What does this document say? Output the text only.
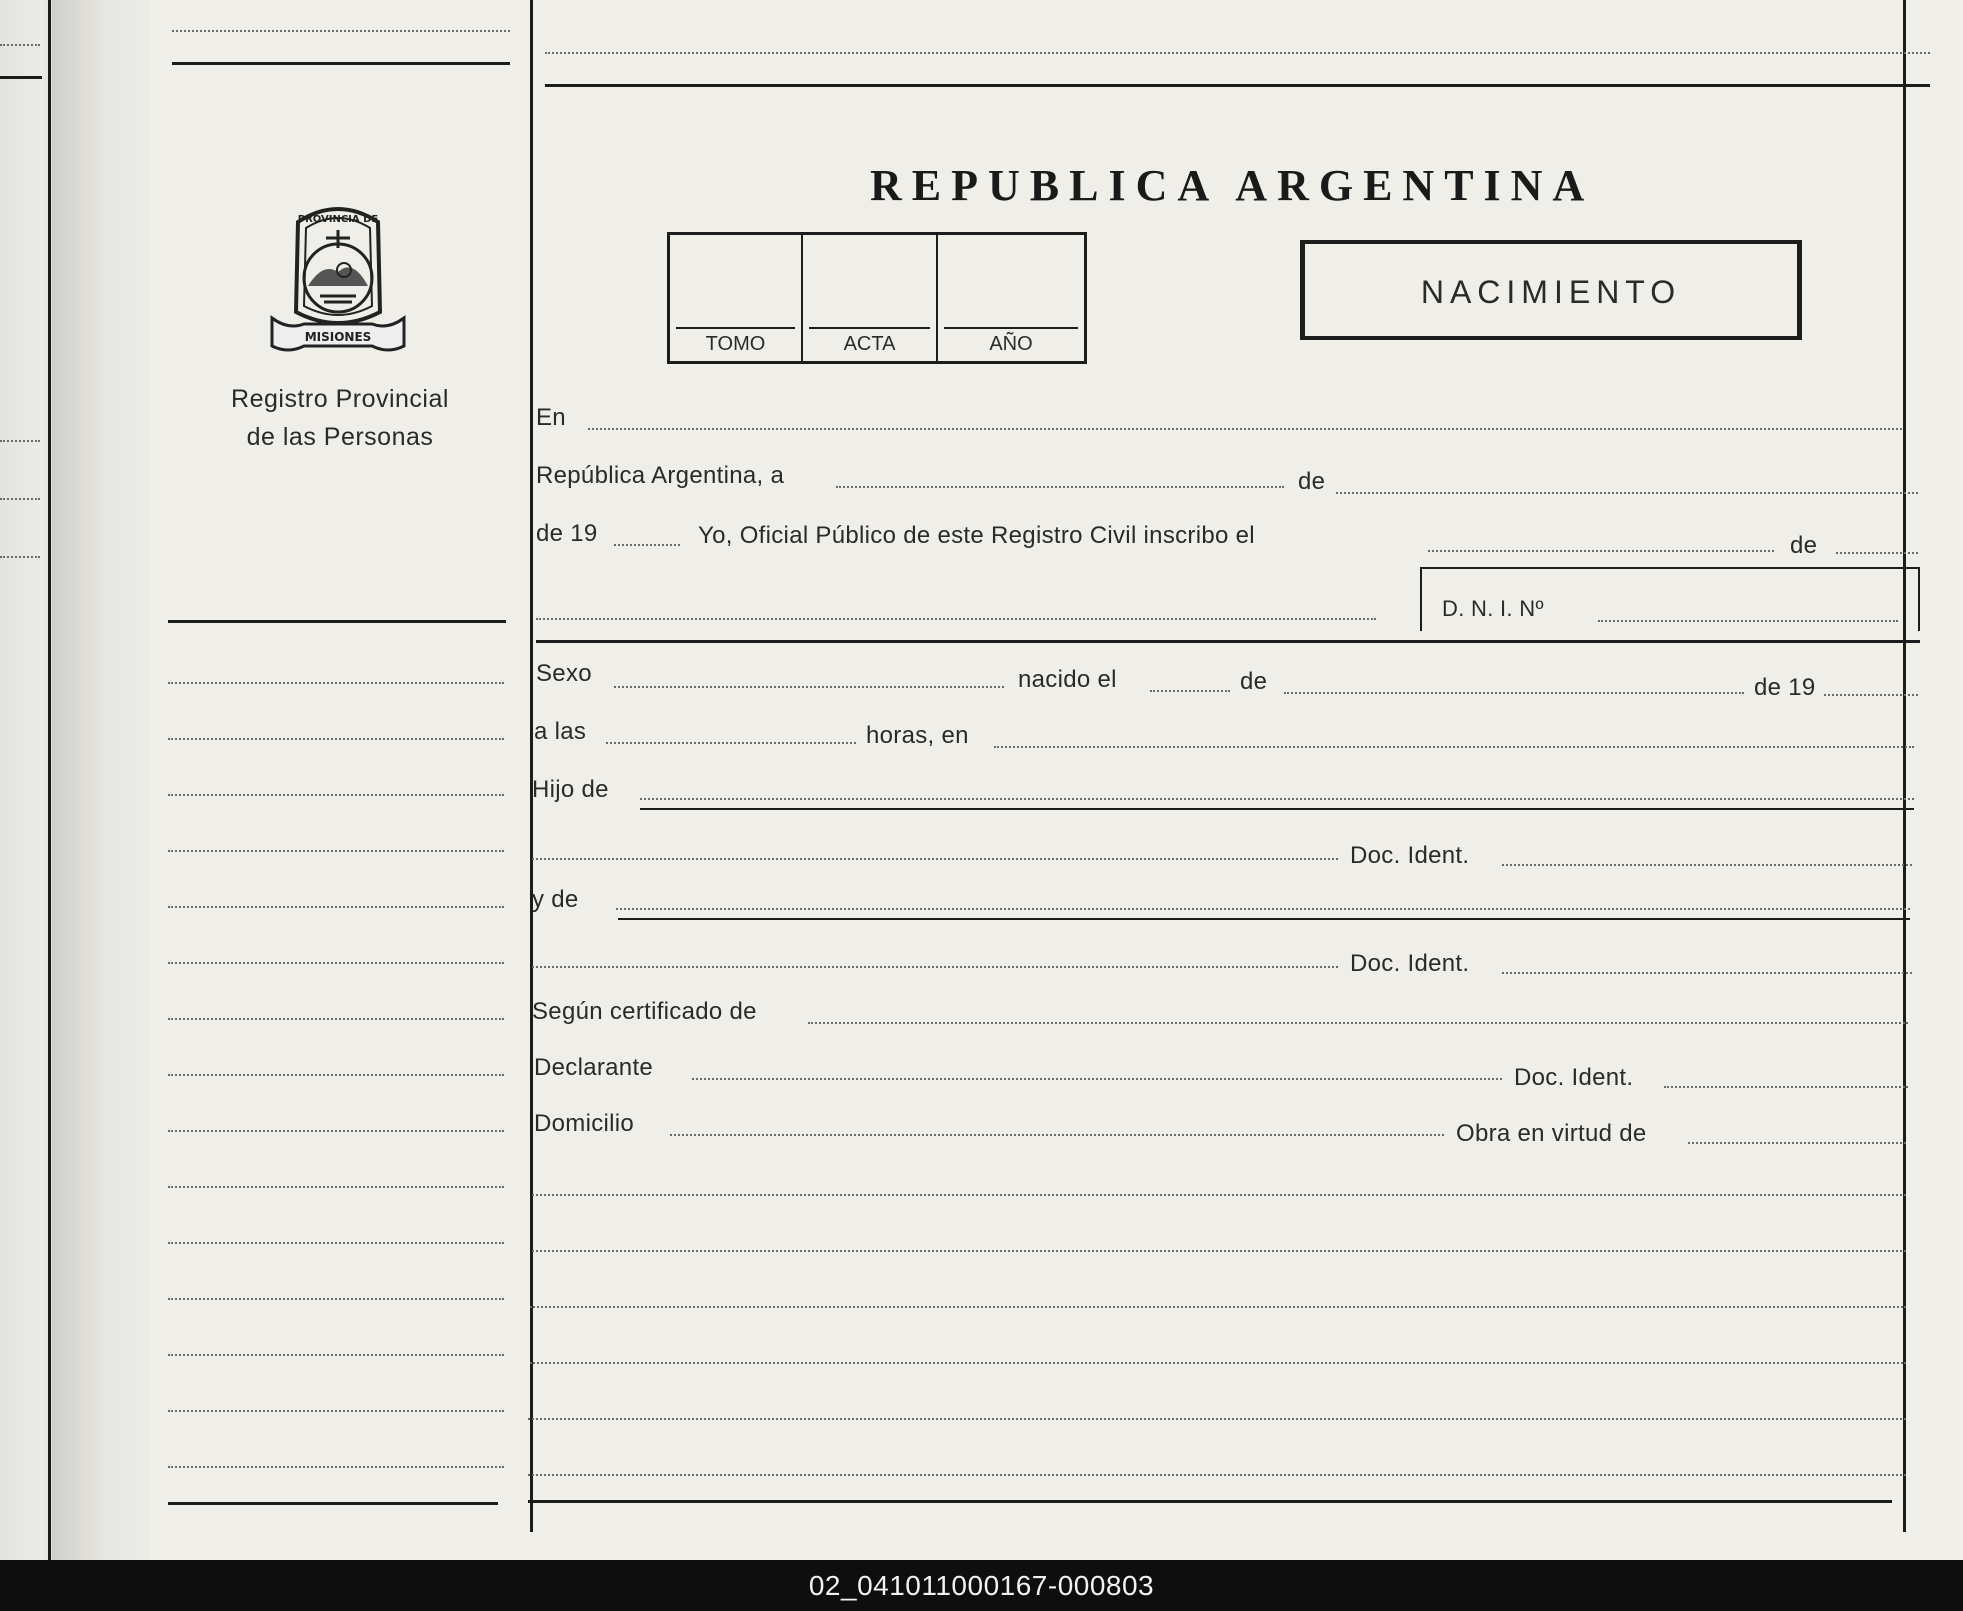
PROVINCIA DE
MISIONES
Registro Provincial
de las Personas
REPUBLICA ARGENTINA
TOMO	ACTA	AÑO
NACIMIENTO
En
República Argentina, a	de
de 19	Yo, Oficial Público de este Registro Civil inscribo el	de
D. N. I. Nº
Sexo	nacido el	de	de 19
a las	horas, en
Hijo de
Doc. Ident.
y de
Doc. Ident.
Según certificado de
Declarante	Doc. Ident.
Domicilio	Obra en virtud de
02_041011000167-000803
